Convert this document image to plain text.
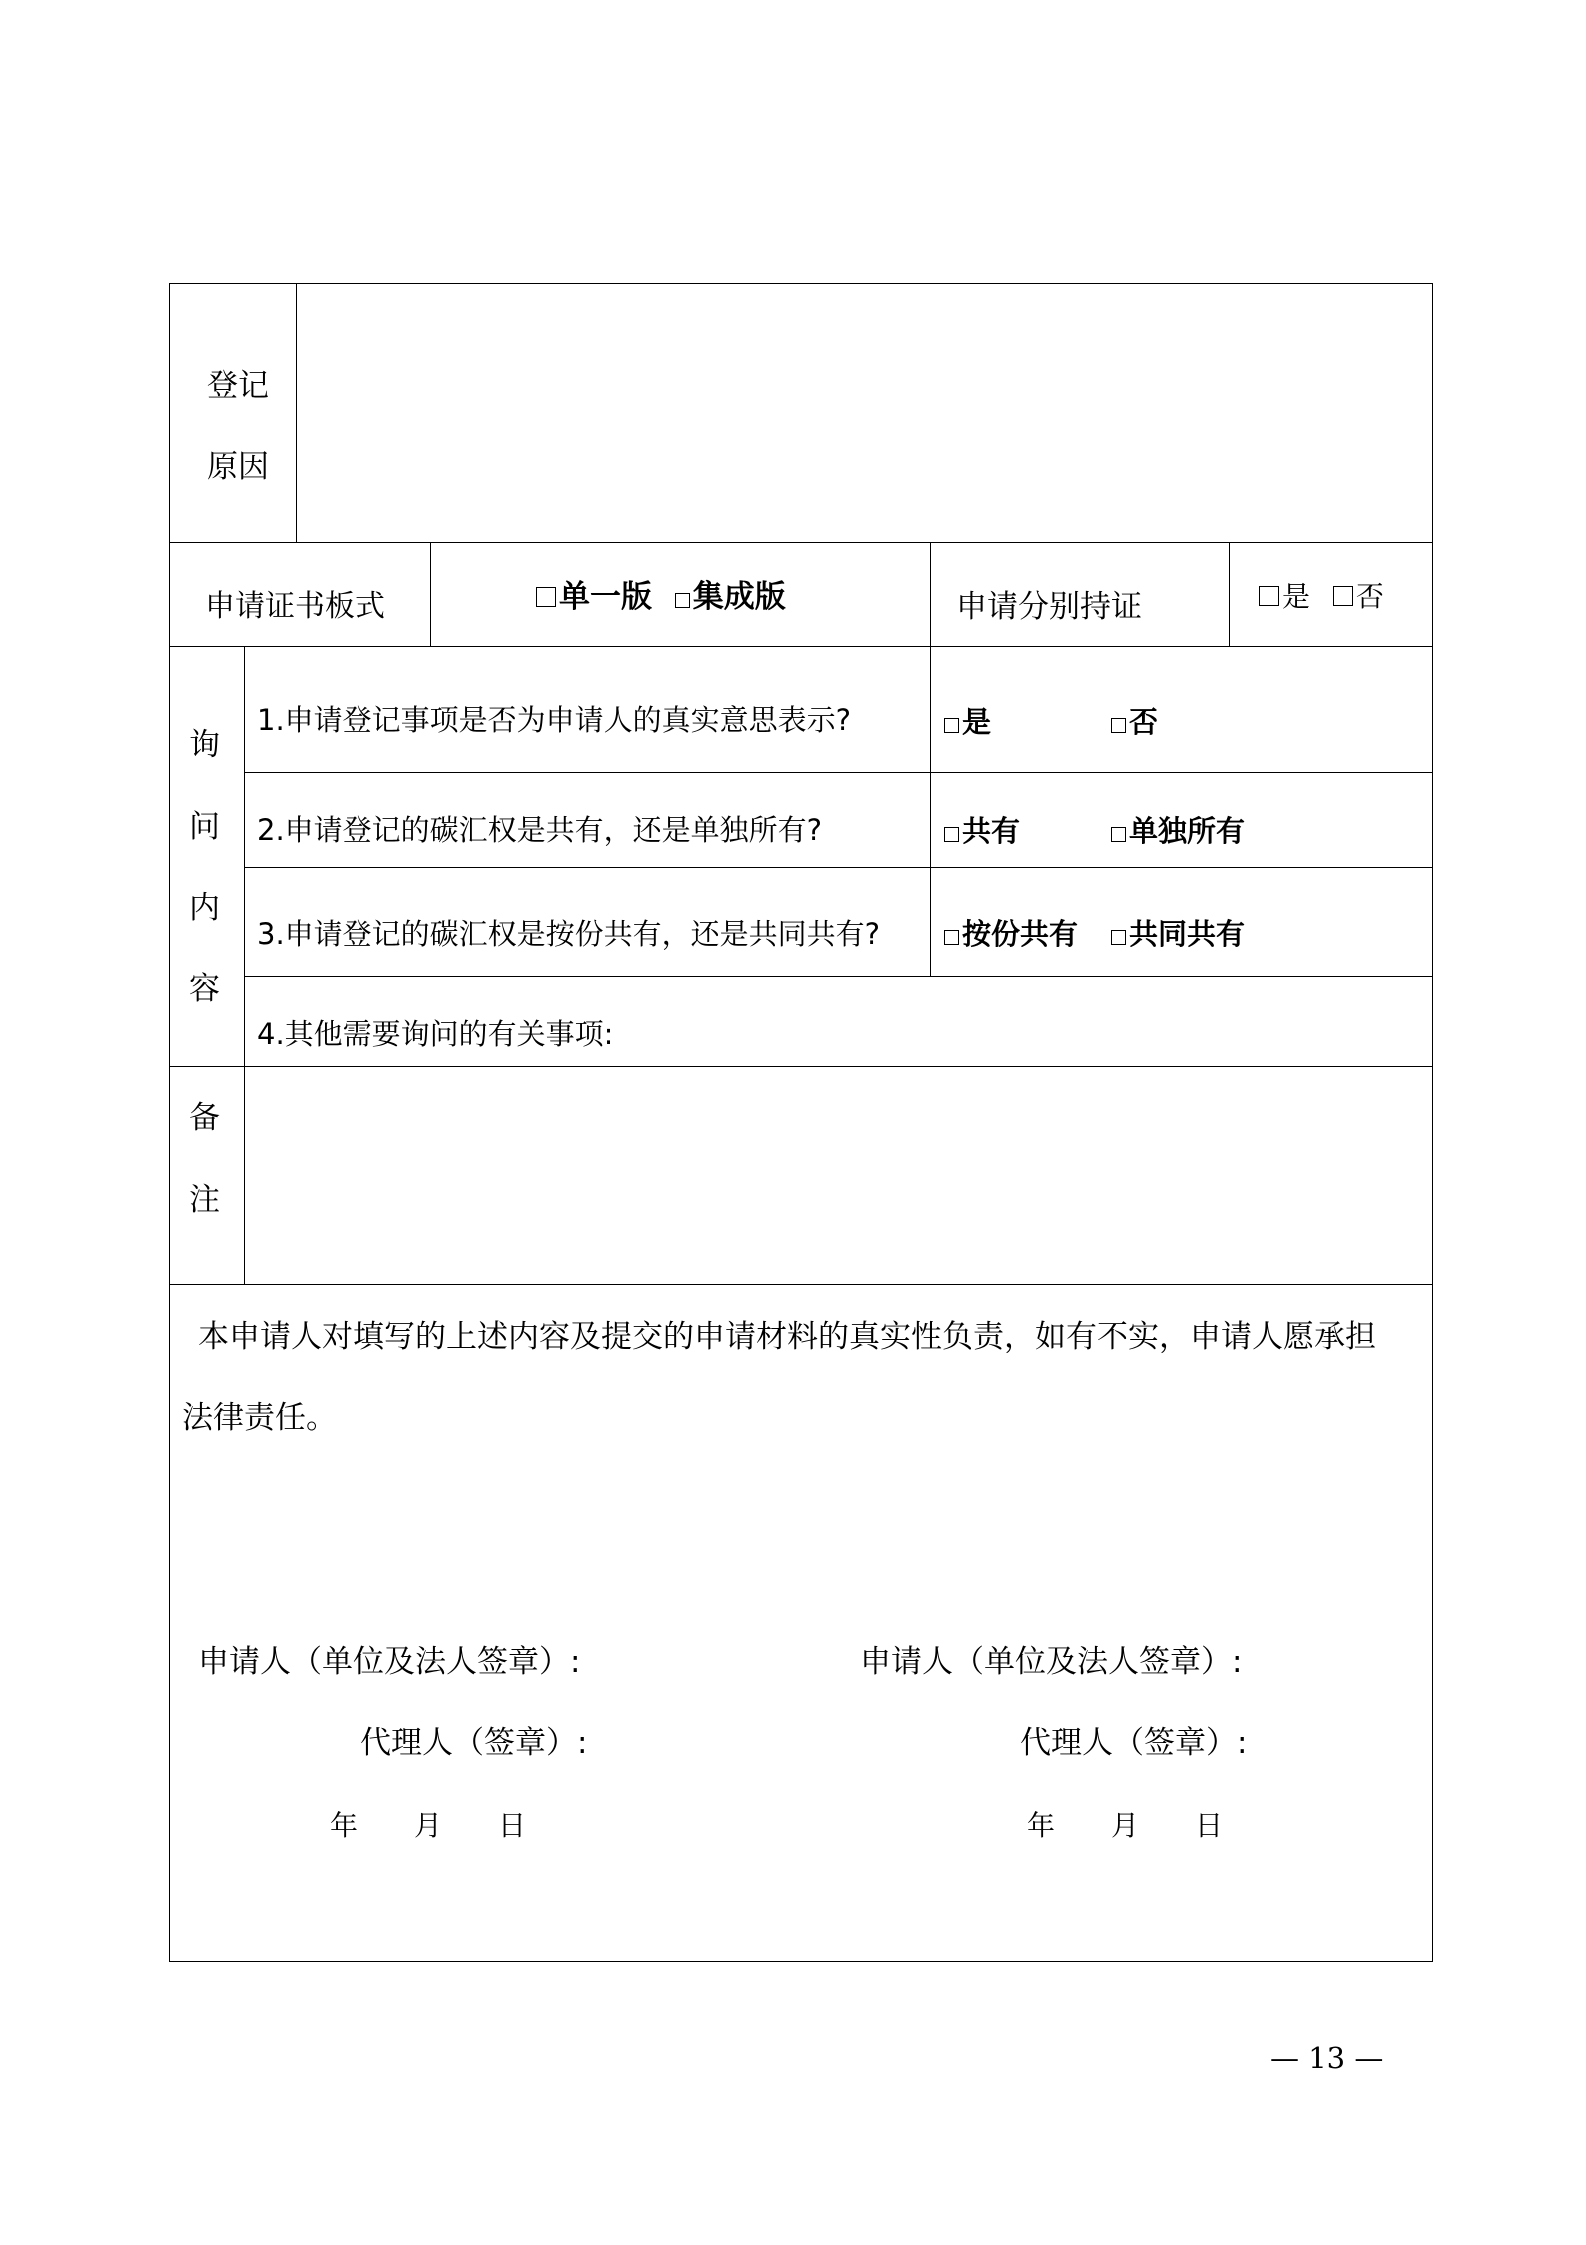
登记
原因
申请证书板式	单一版 集成版	申请分别持证	是 否
询
问
内
容
1.申请登记事项是否为申请人的真实意思表示?	是	否
2.申请登记的碳汇权是共有，还是单独所有?	共有	单独所有
3.申请登记的碳汇权是按份共有，还是共同共有?	按份共有	共同共有
4.其他需要询问的有关事项:
备
注
本申请人对填写的上述内容及提交的申请材料的真实性负责，如有不实，申请人愿承担
法律责任。
申请人（单位及法人签章）:
代理人（签章）:
年　　月　　日
申请人（单位及法人签章）:
代理人（签章）:
年　　月　　日
— 13 —
